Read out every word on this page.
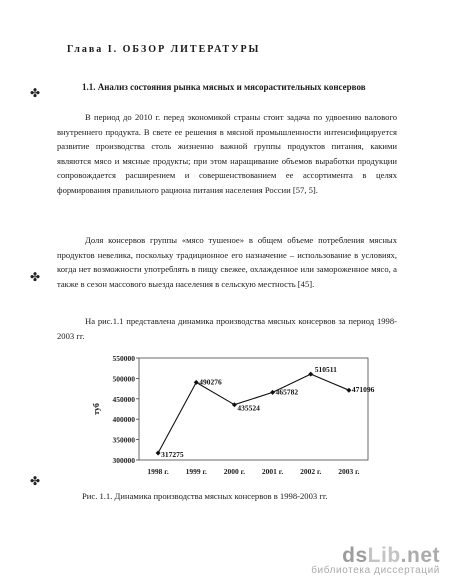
Глава I. ОБЗОР ЛИТЕРАТУРЫ
✤	1.1. Анализ состояния рынка мясных и мясорастительных консервов

В период до 2010 г. перед экономикой страны стоит задача по удвоению валового внутреннего продукта. В свете ее решения в мясной промышленности интенсифицируется развитие производства столь жизненно важной группы продуктов питания, какими являются мясо и мясные продукты; при этом наращивание объемов выработки продукции сопровождается расширением и совершенствованием ее ассортимента в целях формирования правильного рациона питания населения России [57, 5].

✤

Доля консервов группы «мясо тушеное» в общем объеме потребления мясных продуктов невелика, поскольку традиционное его назначение – использование в условиях, когда нет возможности употреблять в пищу свежее, охлажденное или замороженное мясо, а также в сезон массового выезда населения в сельскую местность [45].

На рис.1.1 представлена динамика производства мясных консервов за период 1998-2003 гг.

300000
350000
400000
450000
500000
550000
туб
1998 г. 1999 г. 2000 г. 2001 г. 2002 г. 2003 г.
317275
490276
435524
465782
510511
471096
✤
Рис. 1.1. Динамика производства мясных консервов в 1998-2003 гг.
dsLib.net
библиотека диссертаций
